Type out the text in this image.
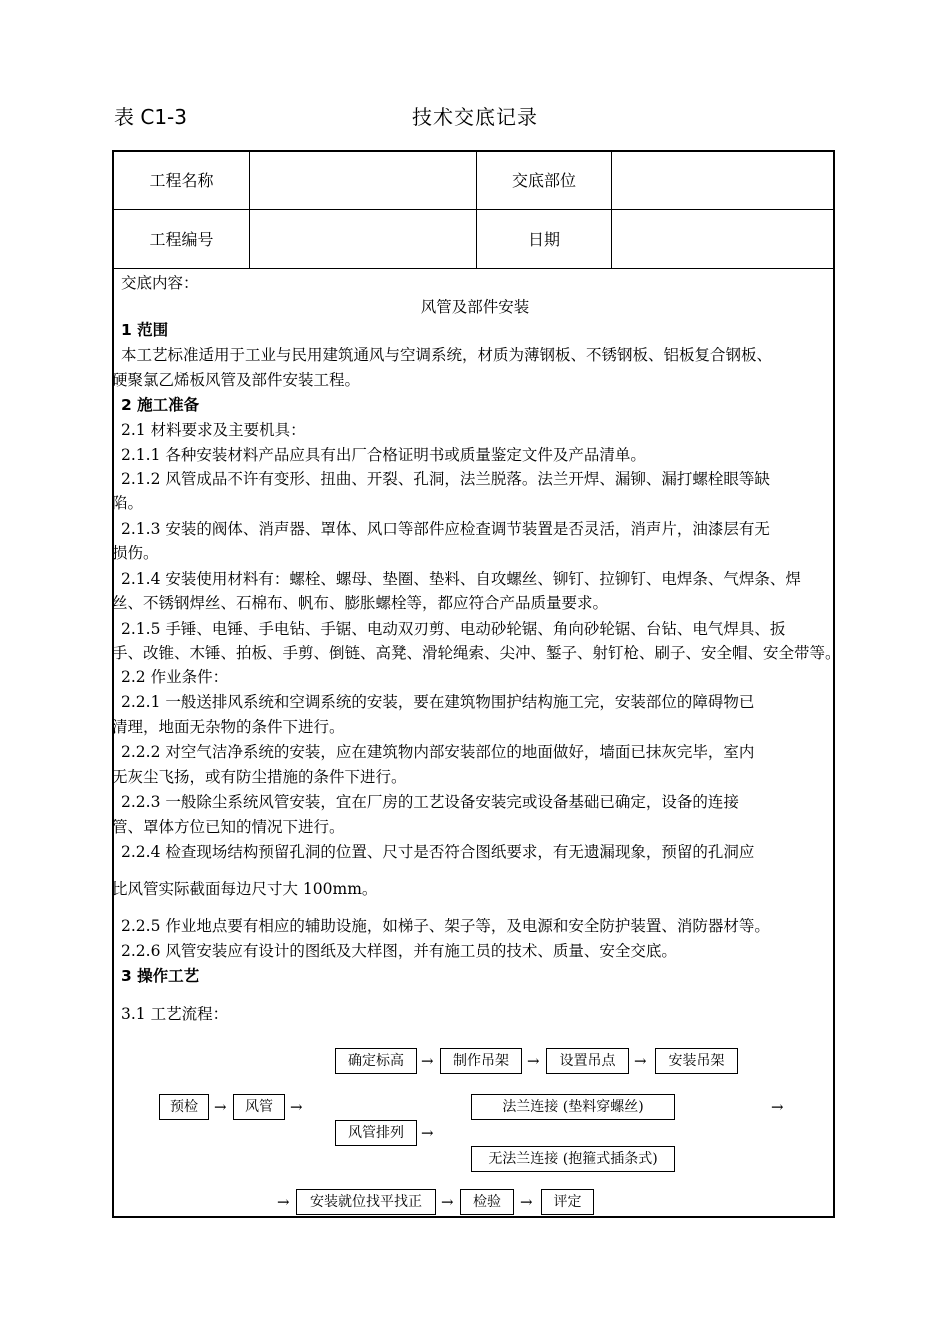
表 C1-3	技术交底记录
工程名称	交底部位
工程编号	日期
交底内容：
风管及部件安装
1 范围
本工艺标准适用于工业与民用建筑通风与空调系统，材质为薄钢板、不锈钢板、铝板复合钢板、
硬聚氯乙烯板风管及部件安装工程。
2 施工准备
2.1 材料要求及主要机具：
2.1.1 各种安装材料产品应具有出厂合格证明书或质量鉴定文件及产品清单。
2.1.2 风管成品不许有变形、扭曲、开裂、孔洞，法兰脱落。法兰开焊、漏铆、漏打螺栓眼等缺
陷。
2.1.3 安装的阀体、消声器、罩体、风口等部件应检查调节装置是否灵活，消声片，油漆层有无
损伤。
2.1.4 安装使用材料有：螺栓、螺母、垫圈、垫料、自攻螺丝、铆钉、拉铆钉、电焊条、气焊条、焊
丝、不锈钢焊丝、石棉布、帆布、膨胀螺栓等，都应符合产品质量要求。
2.1.5 手锤、电锤、手电钻、手锯、电动双刃剪、电动砂轮锯、角向砂轮锯、台钻、电气焊具、扳
手、改锥、木锤、拍板、手剪、倒链、高凳、滑轮绳索、尖冲、錾子、射钉枪、刷子、安全帽、安全带等。
2.2 作业条件：
2.2.1 一般送排风系统和空调系统的安装，要在建筑物围护结构施工完，安装部位的障碍物已
清理，地面无杂物的条件下进行。
2.2.2 对空气洁净系统的安装，应在建筑物内部安装部位的地面做好，墙面已抹灰完毕，室内
无灰尘飞扬，或有防尘措施的条件下进行。
2.2.3 一般除尘系统风管安装，宜在厂房的工艺设备安装完或设备基础已确定，设备的连接
管、罩体方位已知的情况下进行。
2.2.4 检查现场结构预留孔洞的位置、尺寸是否符合图纸要求，有无遗漏现象，预留的孔洞应
比风管实际截面每边尺寸大 100mm。
2.2.5 作业地点要有相应的辅助设施，如梯子、架子等，及电源和安全防护装置、消防器材等。
2.2.6 风管安装应有设计的图纸及大样图，并有施工员的技术、质量、安全交底。
3 操作工艺
3.1 工艺流程：
确定标高	→	制作吊架	→	设置吊点	→	安装吊架
预检	→	风管	→	法兰连接 (垫料穿螺丝)	→
风管排列	→
无法兰连接 (抱箍式插条式)
→	安装就位找平找正	→	检验	→	评定
